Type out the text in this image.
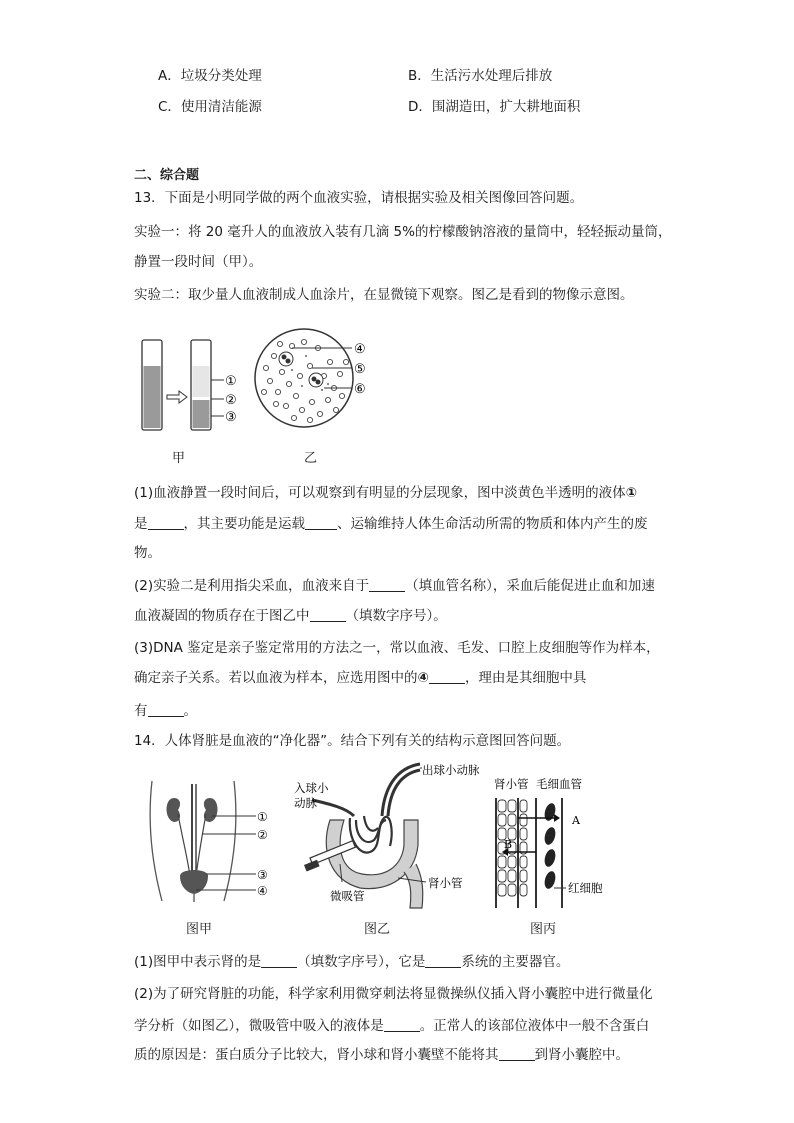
A．垃圾分类处理	B．生活污水处理后排放
C．使用清洁能源	D．围湖造田，扩大耕地面积
二、综合题
13．下面是小明同学做的两个血液实验，请根据实验及相关图像回答问题。
实验一：将 20 毫升人的血液放入装有几滴 5%的柠檬酸钠溶液的量筒中，轻轻振动量筒，
静置一段时间（甲）。
实验二：取少量人血液制成人血涂片，在显微镜下观察。图乙是看到的物像示意图。
①
②
③
甲
④
⑤
⑥
乙
(1)血液静置一段时间后，可以观察到有明显的分层现象，图中淡黄色半透明的液体①
是	，其主要功能是运载 、运输维持人体生命活动所需的物质和体内产生的废
物。
(2)实验二是利用指尖采血，血液来自于	（填血管名称），采血后能促进止血和加速
血液凝固的物质存在于图乙中	（填数字序号）。
(3)DNA 鉴定是亲子鉴定常用的方法之一，常以血液、毛发、口腔上皮细胞等作为样本，
确定亲子关系。若以血液为样本，应选用图中的④	，理由是其细胞中具
有	。
14．人体肾脏是血液的“净化器”。结合下列有关的结构示意图回答问题。
①
②
③
④
图甲
入球小
动脉
出球小动脉
微吸管
肾小管
图乙
肾小管 毛细血管
A
B
红细胞
图丙
(1)图甲中表示肾的是	（填数字序号），它是	系统的主要器官。
(2)为了研究肾脏的功能，科学家利用微穿刺法将显微操纵仪插入肾小囊腔中进行微量化
学分析（如图乙），微吸管中吸入的液体是	。正常人的该部位液体中一般不含蛋白
质的原因是：蛋白质分子比较大，肾小球和肾小囊壁不能将其	到肾小囊腔中。
